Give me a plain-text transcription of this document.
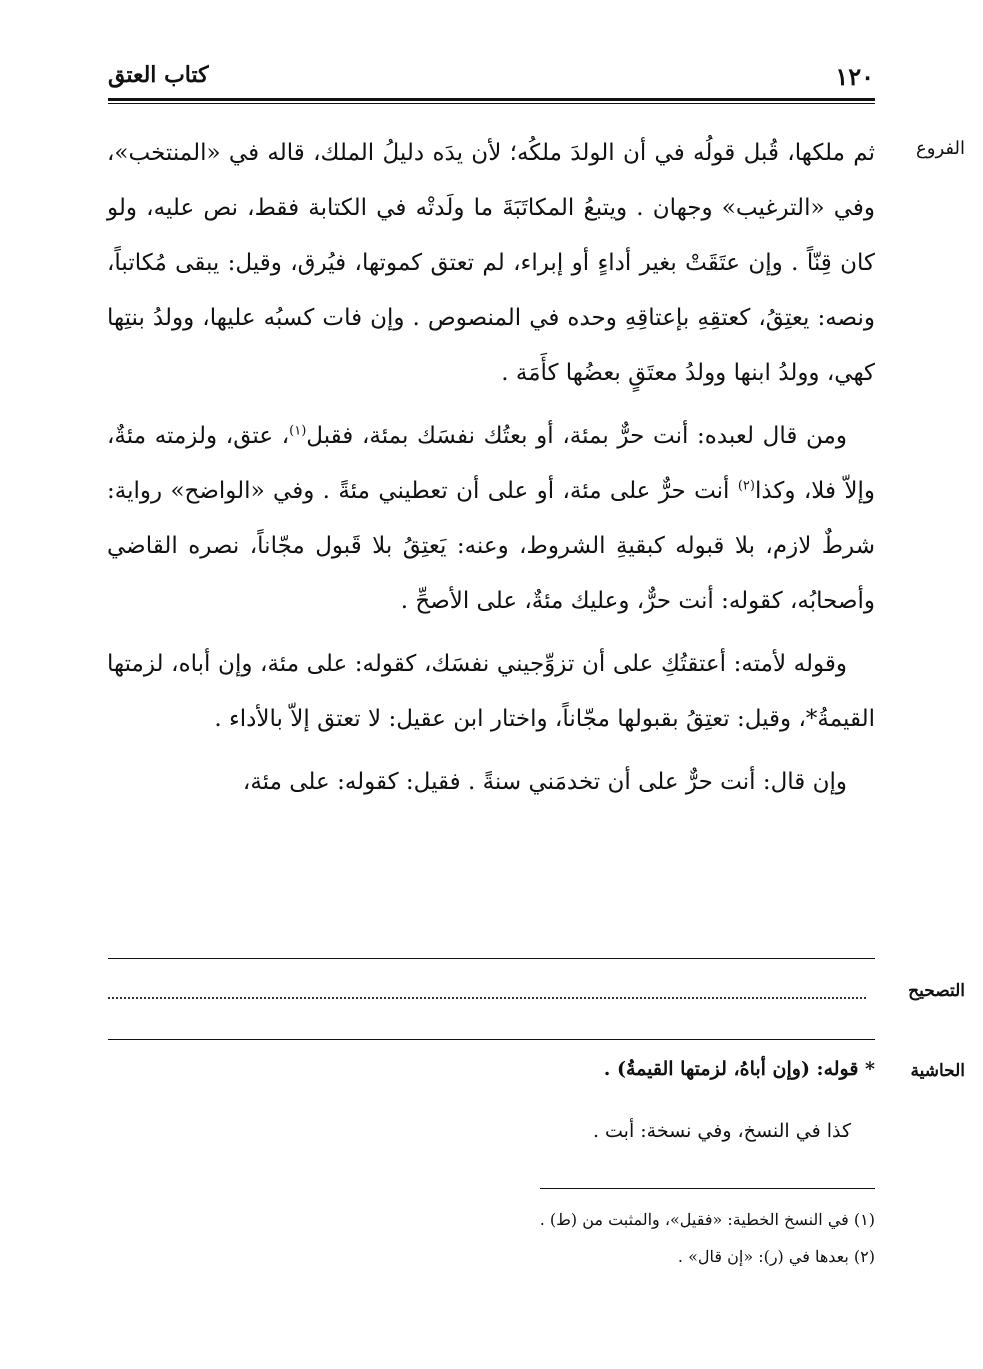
١٢٠
كتاب العتق
الفروع

ثم ملكها، قُبل قولُه في أن الولدَ ملكُه؛ لأن يدَه دليلُ الملك، قاله في «المنتخب»، وفي «الترغيب» وجهان . ويتبعُ المكاتَبَةَ ما ولَدتْه في الكتابة فقط، نص عليه، ولو كان قِنّاً . وإن عتَقَتْ بغير أداءٍ أو إبراء، لم تعتق كموتها، فيُرق، وقيل: يبقى مُكاتباً، ونصه: يعتِقُ، كعتقِهِ بإعتاقِهِ وحده في المنصوص . وإن فات كسبُه عليها، وولدُ بنتِها كهي، وولدُ ابنها وولدُ معتَقٍ بعضُها كأَمَة .

ومن قال لعبده: أنت حرٌّ بمئة، أو بعتُك نفسَك بمئة، فقبل$^{(١)}$، عتق، ولزمته مئةٌ، وإلاّ فلا، وكذا$^{(٢)}$ أنت حرٌّ على مئة، أو على أن تعطيني مئةً . وفي «الواضح» رواية: شرطٌ لازم، بلا قبوله كبقيةِ الشروط، وعنه: يَعتِقُ بلا قَبول مجّاناً، نصره القاضي وأصحابُه، كقوله: أنت حرٌّ، وعليك مئةٌ، على الأصحِّ .

وقوله لأمته: أعتقتُكِ على أن تزوِّجيني نفسَك، كقوله: على مئة، وإن أباه، لزمتها القيمةُ*، وقيل: تعتِقُ بقبولها مجّاناً، واختار ابن عقيل: لا تعتق إلاّ بالأداء .

وإن قال: أنت حرٌّ على أن تخدمَني سنةً . فقيل: كقوله: على مئة،

التصحيح
الحاشية
* قوله: (وإن أباهُ، لزمتها القيمةُ) .
كذا في النسخ، وفي نسخة: أبت .
(١) في النسخ الخطية: «فقيل»، والمثبت من (ط) .
(٢) بعدها في (ر): «إن قال» .
